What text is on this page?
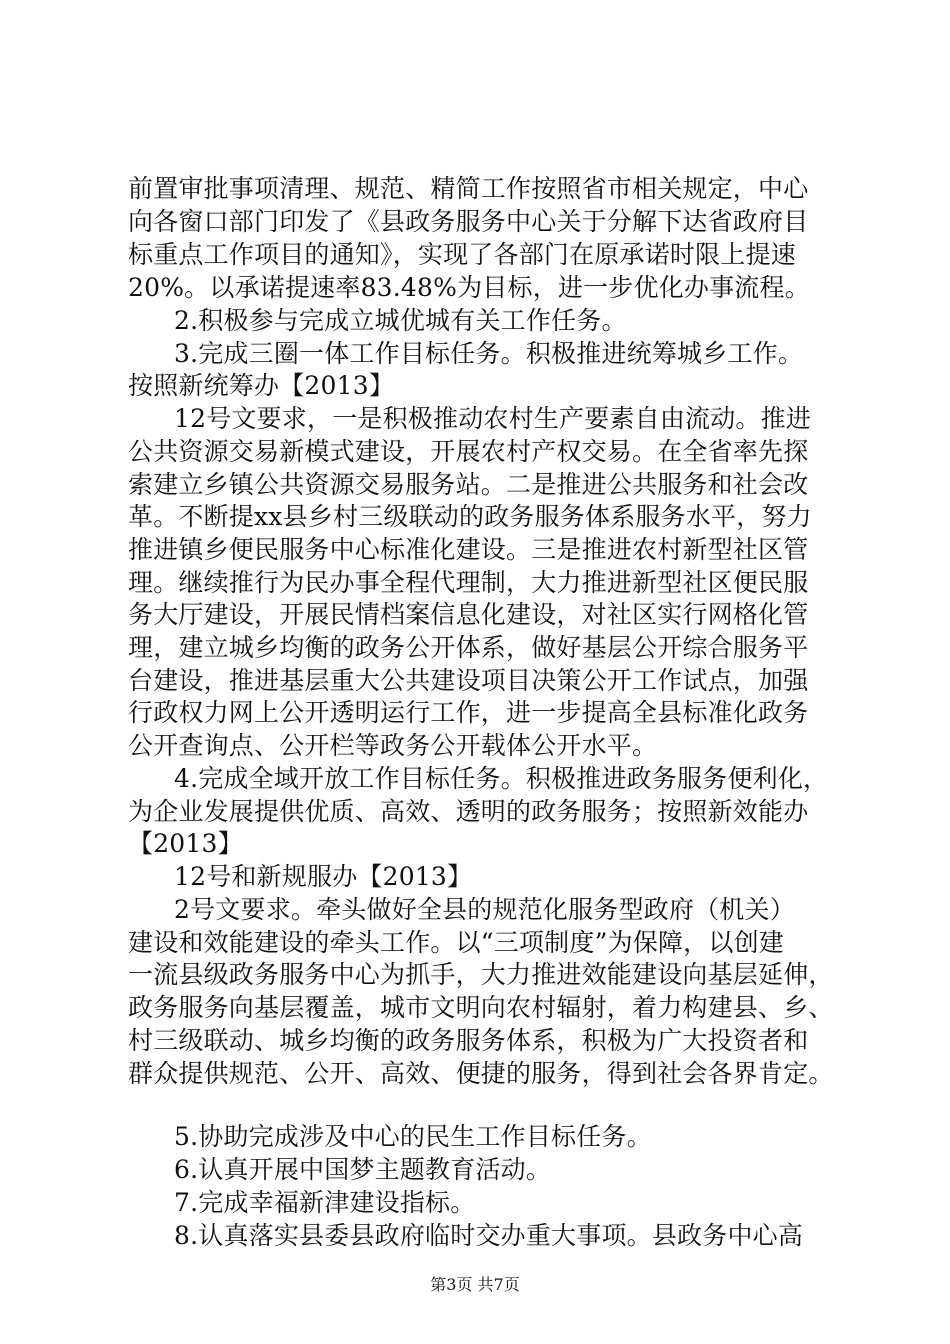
前置审批事项清理、规范、精简工作按照省市相关规定，中心
向各窗口部门印发了《县政务服务中心关于分解下达省政府目
标重点工作项目的通知》，实现了各部门在原承诺时限上提速
20%。以承诺提速率83.48%为目标，进一步优化办事流程。
2.积极参与完成立城优城有关工作任务。
3.完成三圈一体工作目标任务。积极推进统筹城乡工作。
按照新统筹办【2013】
12号文要求，一是积极推动农村生产要素自由流动。推进
公共资源交易新模式建设，开展农村产权交易。在全省率先探
索建立乡镇公共资源交易服务站。二是推进公共服务和社会改
革。不断提xx县乡村三级联动的政务服务体系服务水平，努力
推进镇乡便民服务中心标准化建设。三是推进农村新型社区管
理。继续推行为民办事全程代理制，大力推进新型社区便民服
务大厅建设，开展民情档案信息化建设，对社区实行网格化管
理，建立城乡均衡的政务公开体系，做好基层公开综合服务平
台建设，推进基层重大公共建设项目决策公开工作试点，加强
行政权力网上公开透明运行工作，进一步提高全县标准化政务
公开查询点、公开栏等政务公开载体公开水平。
4.完成全域开放工作目标任务。积极推进政务服务便利化，
为企业发展提供优质、高效、透明的政务服务；按照新效能办
【2013】
12号和新规服办【2013】
2号文要求。牵头做好全县的规范化服务型政府（机关）
建设和效能建设的牵头工作。以“三项制度”为保障，以创建
一流县级政务服务中心为抓手，大力推进效能建设向基层延伸，
政务服务向基层覆盖，城市文明向农村辐射，着力构建县、乡、
村三级联动、城乡均衡的政务服务体系，积极为广大投资者和
群众提供规范、公开、高效、便捷的服务，得到社会各界肯定。
5.协助完成涉及中心的民生工作目标任务。
6.认真开展中国梦主题教育活动。
7.完成幸福新津建设指标。
8.认真落实县委县政府临时交办重大事项。县政务中心高
第3页 共7页
